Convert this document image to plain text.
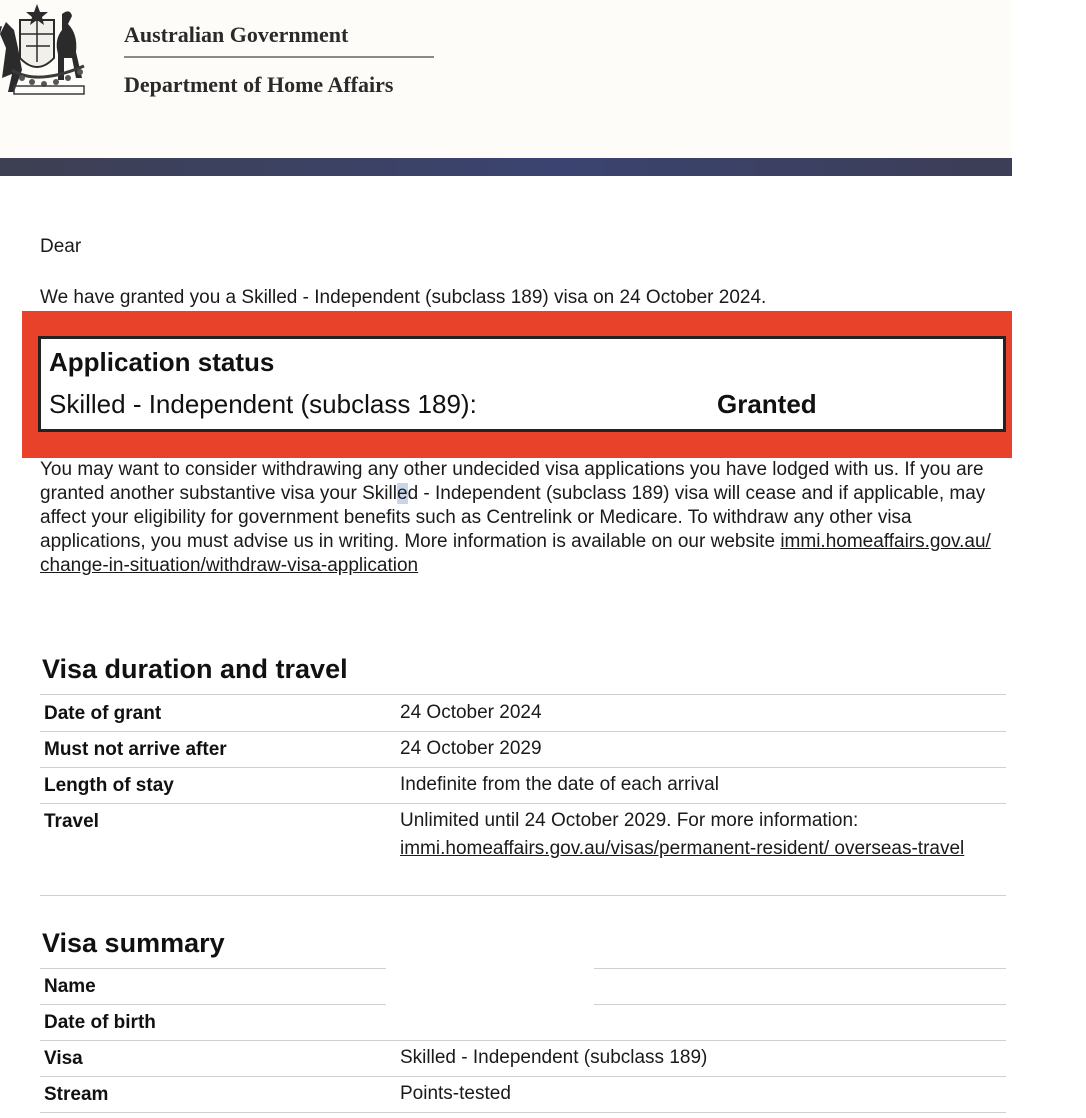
Australian Government
Department of Home Affairs
Dear
We have granted you a Skilled - Independent (subclass 189) visa on 24 October 2024.
Application status
Skilled - Independent (subclass 189):	Granted
You may want to consider withdrawing any other undecided visa applications you have lodged with us. If you are granted another substantive visa your Skilled - Independent (subclass 189) visa will cease and if applicable, may affect your eligibility for government benefits such as Centrelink or Medicare. To withdraw any other visa applications, you must advise us in writing. More information is available on our website immi.homeaffairs.gov.au/ change-in-situation/withdraw-visa-application
Visa duration and travel
Date of grant	24 October 2024
Must not arrive after	24 October 2029
Length of stay	Indefinite from the date of each arrival
Travel	Unlimited until 24 October 2029. For more information: immi.homeaffairs.gov.au/visas/permanent-resident/ overseas-travel
Visa summary
Name
Date of birth
Visa	Skilled - Independent (subclass 189)
Stream	Points-tested
